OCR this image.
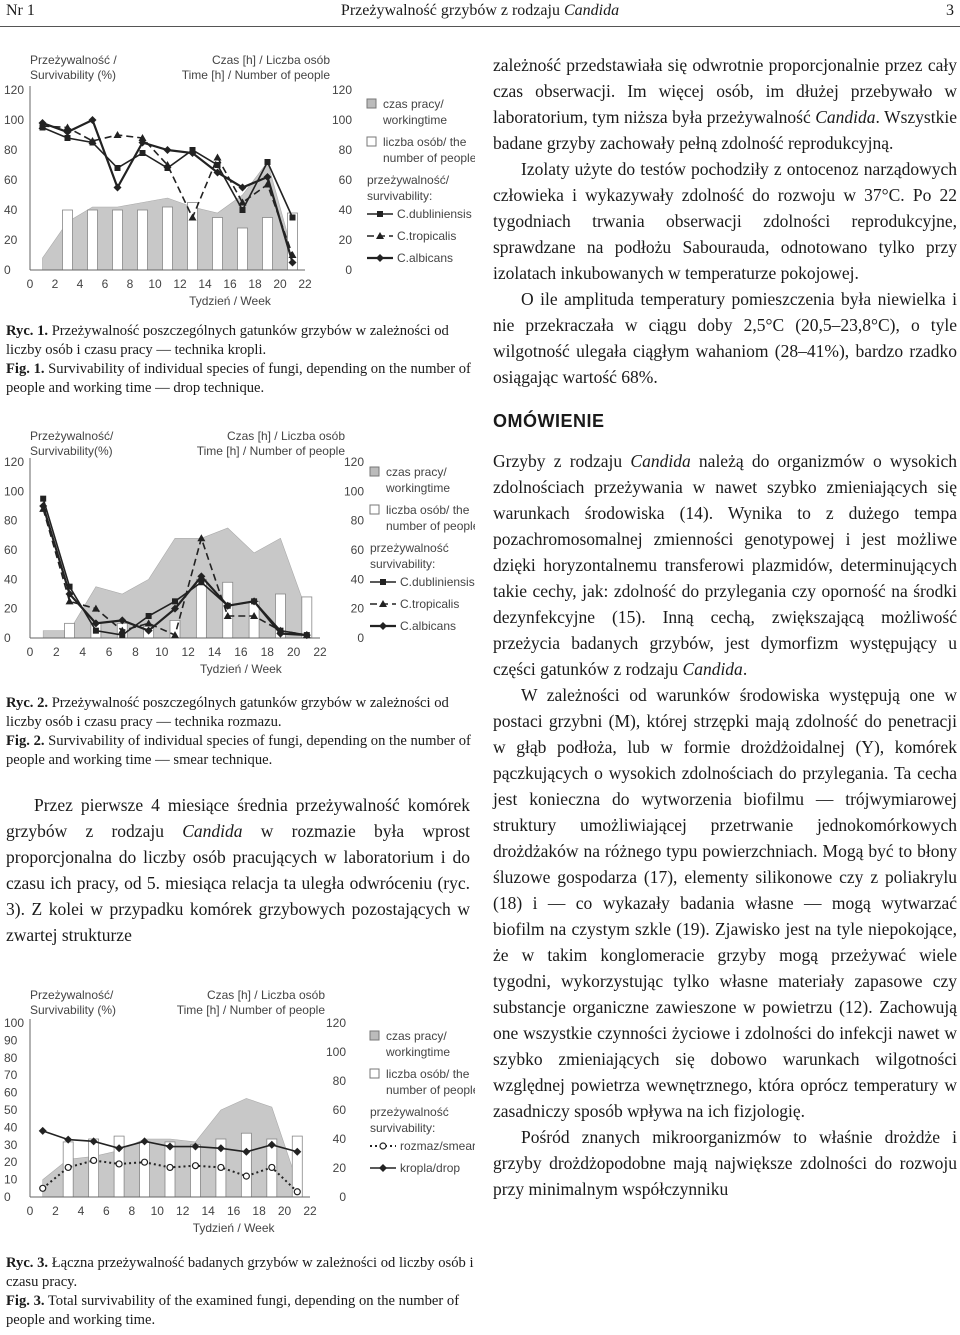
Nr 1	Przeżywalność grzybów z rodzaju Candida	3
Przeżywalność /
Survivability (%)
Czas [h] / Liczba osób
Time [h] / Number of people
0
20
40
60
80
100
120
0
20
40
60
80
100
120
0 2 4 6 8 10 12 14 16 18 20 22
Tydzień / Week
czas pracy/
workingtime
liczba osób/ the
number of people
przeżywalność/
survivability:
C.dubliniensis
C.tropicalis
C.albicans
Ryc. 1. Przeżywalność poszczególnych gatunków grzybów w zależności od liczby osób i czasu pracy — technika kropli.
Fig. 1. Survivability of individual species of fungi, depending on the number of people and working time — drop technique.
Przeżywalność/
Survivability(%)
Czas [h] / Liczba osób
Time [h] / Number of people
0
20
40
60
80
100
120
0
20
40
60
80
100
120
0 2 4 6 8 10 12 14 16 18 20 22
Tydzień / Week
czas pracy/
workingtime
liczba osób/ the
number of people
przeżywalność
survivability:
C.dubliniensis
C.tropicalis
C.albicans
Ryc. 2. Przeżywalność poszczególnych gatunków grzybów w zależności od liczby osób i czasu pracy — technika rozmazu.
Fig. 2. Survivability of individual species of fungi, depending on the number of people and working time — smear technique.

Przez pierwsze 4 miesiące średnia przeżywalność komórek grzybów z rodzaju Candida w rozmazie była wprost proporcjonalna do liczby osób pracujących w laboratorium i do czasu ich pracy, od 5. miesiąca relacja ta uległa odwróceniu (ryc. 3). Z kolei w przypadku komórek grzybowych pozostających w zwartej strukturze

Przeżywalność/
Survivability (%)
Czas [h] / Liczba osób
Time [h] / Number of people
0
10
20
30
40
50
60
70
80
90
100
0
20
40
60
80
100
120
0 2 4 6 8 10 12 14 16 18 20 22
Tydzień / Week
czas pracy/
workingtime
liczba osób/ the
number of people
przeżywalność
survivability:
rozmaz/smear
kropla/drop
Ryc. 3. Łączna przeżywalność badanych grzybów w zależności od liczby osób i czasu pracy.
Fig. 3. Total survivability of the examined fungi, depending on the number of people and working time.

zależność przedstawiała się odwrotnie proporcjonalnie przez cały czas obserwacji. Im więcej osób, im dłużej przebywało w laboratorium, tym niższa była przeżywalność Candida. Wszystkie badane grzyby zachowały pełną zdolność reprodukcyjną.

Izolaty użyte do testów pochodziły z ontocenoz narządowych człowieka i wykazywały zdolność do rozwoju w 37°C. Po 22 tygodniach trwania obserwacji zdolności reprodukcyjne, sprawdzane na podłożu Sabourauda, odnotowano tylko przy izolatach inkubowanych w temperaturze pokojowej.

O ile amplituda temperatury pomieszczenia była niewielka i nie przekraczała w ciągu doby 2,5°C (20,5–23,8°C), o tyle wilgotność ulegała ciągłym wahaniom (28–41%), bardzo rzadko osiągając wartość 68%.

OMÓWIENIE

Grzyby z rodzaju Candida należą do organizmów o wysokich zdolnościach przeżywania w nawet szybko zmieniających się warunkach środowiska (14). Wynika to z dużego tempa pozachromosomalnej zmienności genotypowej i jest możliwe dzięki horyzontalnemu transferowi plazmidów, determinujących takie cechy, jak: zdolność do przylegania czy oporność na środki dezynfekcyjne (15). Inną cechą, zwiększającą możliwość przeżycia badanych grzybów, jest dymorfizm występujący u części gatunków z rodzaju Candida.

W zależności od warunków środowiska występują one w postaci grzybni (M), której strzępki mają zdolność do penetracji w głąb podłoża, lub w formie drożdżoidalnej (Y), komórek pączkujących o wysokich zdolnościach do przylegania. Ta cecha jest konieczna do wytworzenia biofilmu — trójwymiarowej struktury umożliwiającej przetrwanie jednokomórkowych drożdżaków na różnego typu powierzchniach. Mogą być to błony śluzowe gospodarza (17), elementy silikonowe czy z poliakrylu (18) i — co wykazały badania własne — mogą wytwarzać biofilm na czystym szkle (19). Zjawisko jest na tyle niepokojące, że w takim konglomeracie grzyby mogą przeżywać wiele tygodni, wykorzystując tylko własne materiały zapasowe czy substancje organiczne zawieszone w powietrzu (12). Zachowują one wszystkie czynności życiowe i zdolności do infekcji nawet w szybko zmieniających się dobowo warunkach wilgotności względnej powietrza wewnętrznego, która oprócz temperatury w zasadniczy sposób wpływa na ich fizjologię.

Pośród znanych mikroorganizmów to właśnie drożdże i grzyby drożdżopodobne mają największe zdolności do rozwoju przy minimalnym współczynniku
